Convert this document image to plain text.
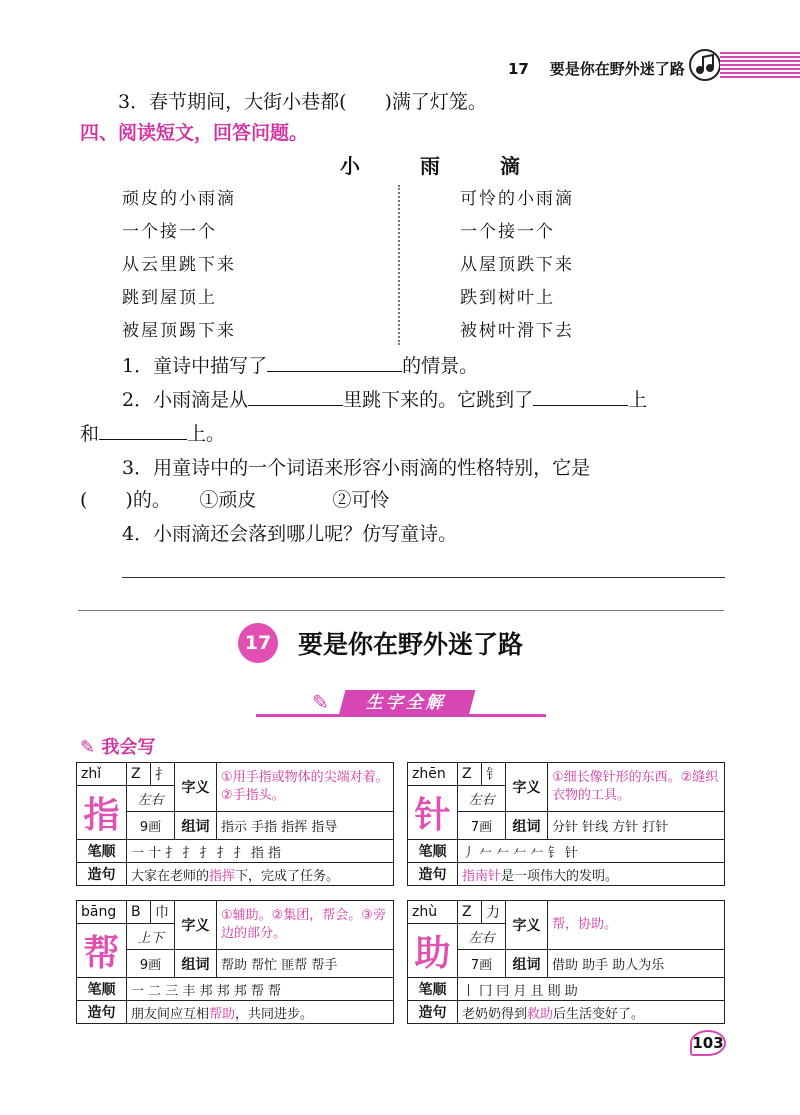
17 要是你在野外迷了路
3．春节期间，大街小巷都(　　)满了灯笼。
四、阅读短文，回答问题。
小　雨　滴
顽皮的小雨滴
一个接一个
从云里跳下来
跳到屋顶上
被屋顶踢下来
可怜的小雨滴
一个接一个
从屋顶跌下来
跌到树叶上
被树叶滑下去
1．童诗中描写了	的情景。
2．小雨滴是从	里跳下来的。它跳到了	上
和	上。
3．用童诗中的一个词语来形容小雨滴的性格特别，它是
(　　)的。　　①顽皮　　　　②可怜
4．小雨滴还会落到哪儿呢？仿写童诗。
17 要是你在野外迷了路
✎	生字全解
✎ 我会写
zhǐ	Z	扌	字义	①用手指或物体的尖端对着。②手指头。
指	左右			
	9画		组词	指示 手指 指挥 指导
笔顺	一 十 扌 扌 扌 扌 扌 指 指			
造句	大家在老师的指挥下，完成了任务。			
zhēn	Z	钅	字义	①细长像针形的东西。②缝织衣物的工具。
针	左右			
	7画		组词	分针 针线 方针 打针
笔顺	丿 𠂉 𠂉 𠂉 𠂉 钅 针			
造句	指南针是一项伟大的发明。			
bāng	B	巾	字义	①辅助。②集团，帮会。③旁边的部分。
帮	上下			
	9画		组词	帮助 帮忙 匪帮 帮手
笔顺	一 二 三 丰 邦 邦 邦 帮 帮			
造句	朋友间应互相帮助，共同进步。			
zhù	Z	力	字义	帮，协助。
助	左右			
	7画		组词	借助 助手 助人为乐
笔顺	丨 冂 冃 月 且 則 助			
造句	老奶奶得到救助后生活变好了。			
103
